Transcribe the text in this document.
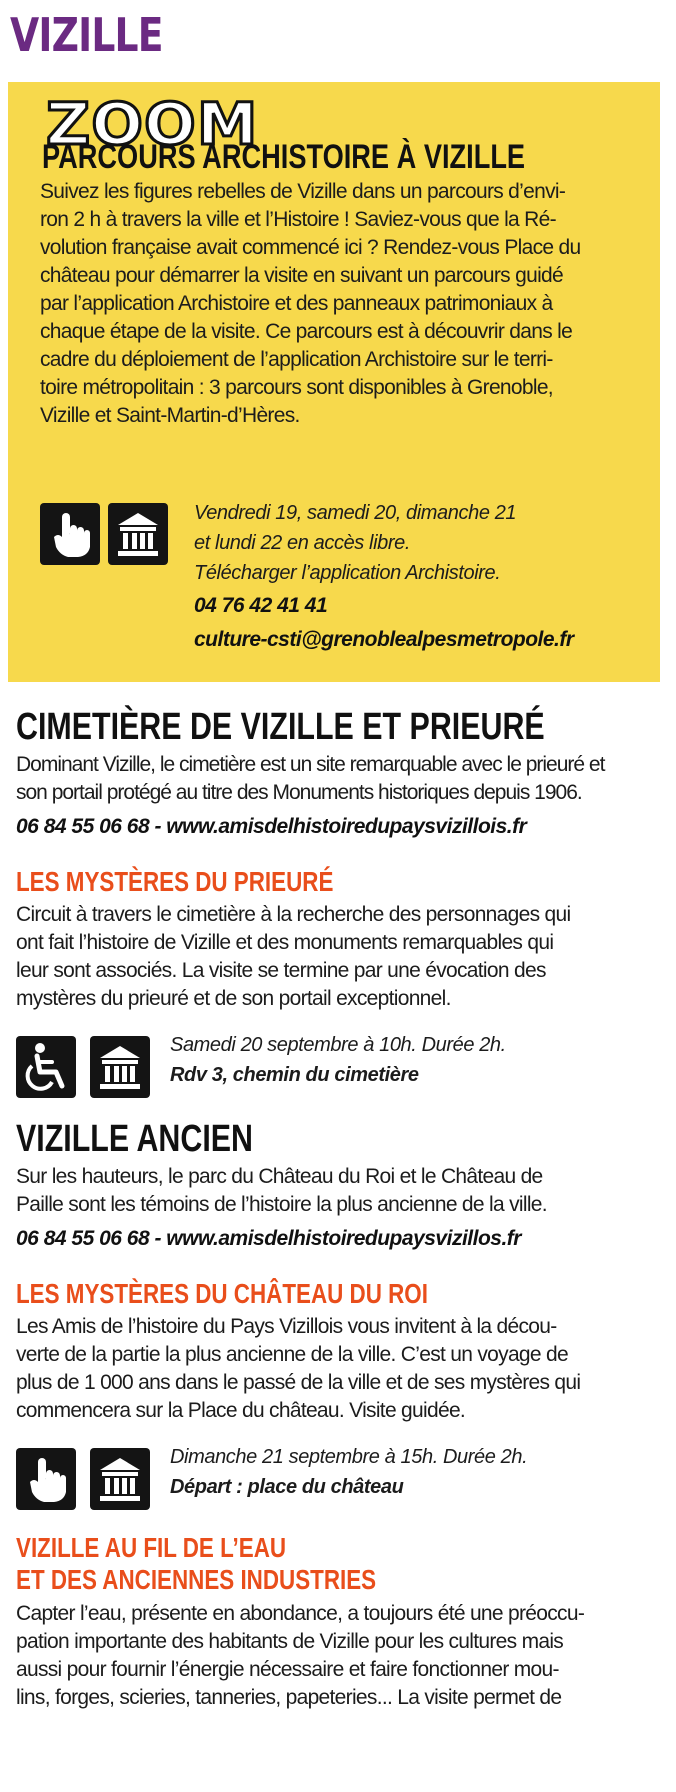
VIZILLE
ZOOM
PARCOURS ARCHISTOIRE À VIZILLE

Suivez les figures rebelles de Vizille dans un parcours d’envi-
ron 2 h à travers la ville et l’Histoire ! Saviez-vous que la Ré-
volution française avait commencé ici ? Rendez-vous Place du
château pour démarrer la visite en suivant un parcours guidé
par l’application Archistoire et des panneaux patrimoniaux à
chaque étape de la visite. Ce parcours est à découvrir dans le
cadre du déploiement de l’application Archistoire sur le terri-
toire métropolitain : 3 parcours sont disponibles à Grenoble,
Vizille et Saint-Martin-d’Hères.

Vendredi 19, samedi 20, dimanche 21
et lundi 22 en accès libre.
Télécharger l’application Archistoire.
04 76 42 41 41
culture-csti@grenoblealpesmetropole.fr
CIMETIÈRE DE VIZILLE ET PRIEURÉ

Dominant Vizille, le cimetière est un site remarquable avec le prieuré et
son portail protégé au titre des Monuments historiques depuis 1906.

06 84 55 06 68 - www.amisdelhistoiredupaysvizillois.fr
LES MYSTÈRES DU PRIEURÉ

Circuit à travers le cimetière à la recherche des personnages qui
ont fait l’histoire de Vizille et des monuments remarquables qui
leur sont associés. La visite se termine par une évocation des
mystères du prieuré et de son portail exceptionnel.

Samedi 20 septembre à 10h. Durée 2h.
Rdv 3, chemin du cimetière
VIZILLE ANCIEN

Sur les hauteurs, le parc du Château du Roi et le Château de
Paille sont les témoins de l’histoire la plus ancienne de la ville.

06 84 55 06 68 - www.amisdelhistoiredupaysvizillos.fr
LES MYSTÈRES DU CHÂTEAU DU ROI

Les Amis de l’histoire du Pays Vizillois vous invitent à la décou-
verte de la partie la plus ancienne de la ville. C’est un voyage de
plus de 1 000 ans dans le passé de la ville et de ses mystères qui
commencera sur la Place du château. Visite guidée.

Dimanche 21 septembre à 15h. Durée 2h.
Départ : place du château
VIZILLE AU FIL DE L’EAU
ET DES ANCIENNES INDUSTRIES

Capter l’eau, présente en abondance, a toujours été une préoccu-
pation importante des habitants de Vizille pour les cultures mais
aussi pour fournir l’énergie nécessaire et faire fonctionner mou-
lins, forges, scieries, tanneries, papeteries... La visite permet de
